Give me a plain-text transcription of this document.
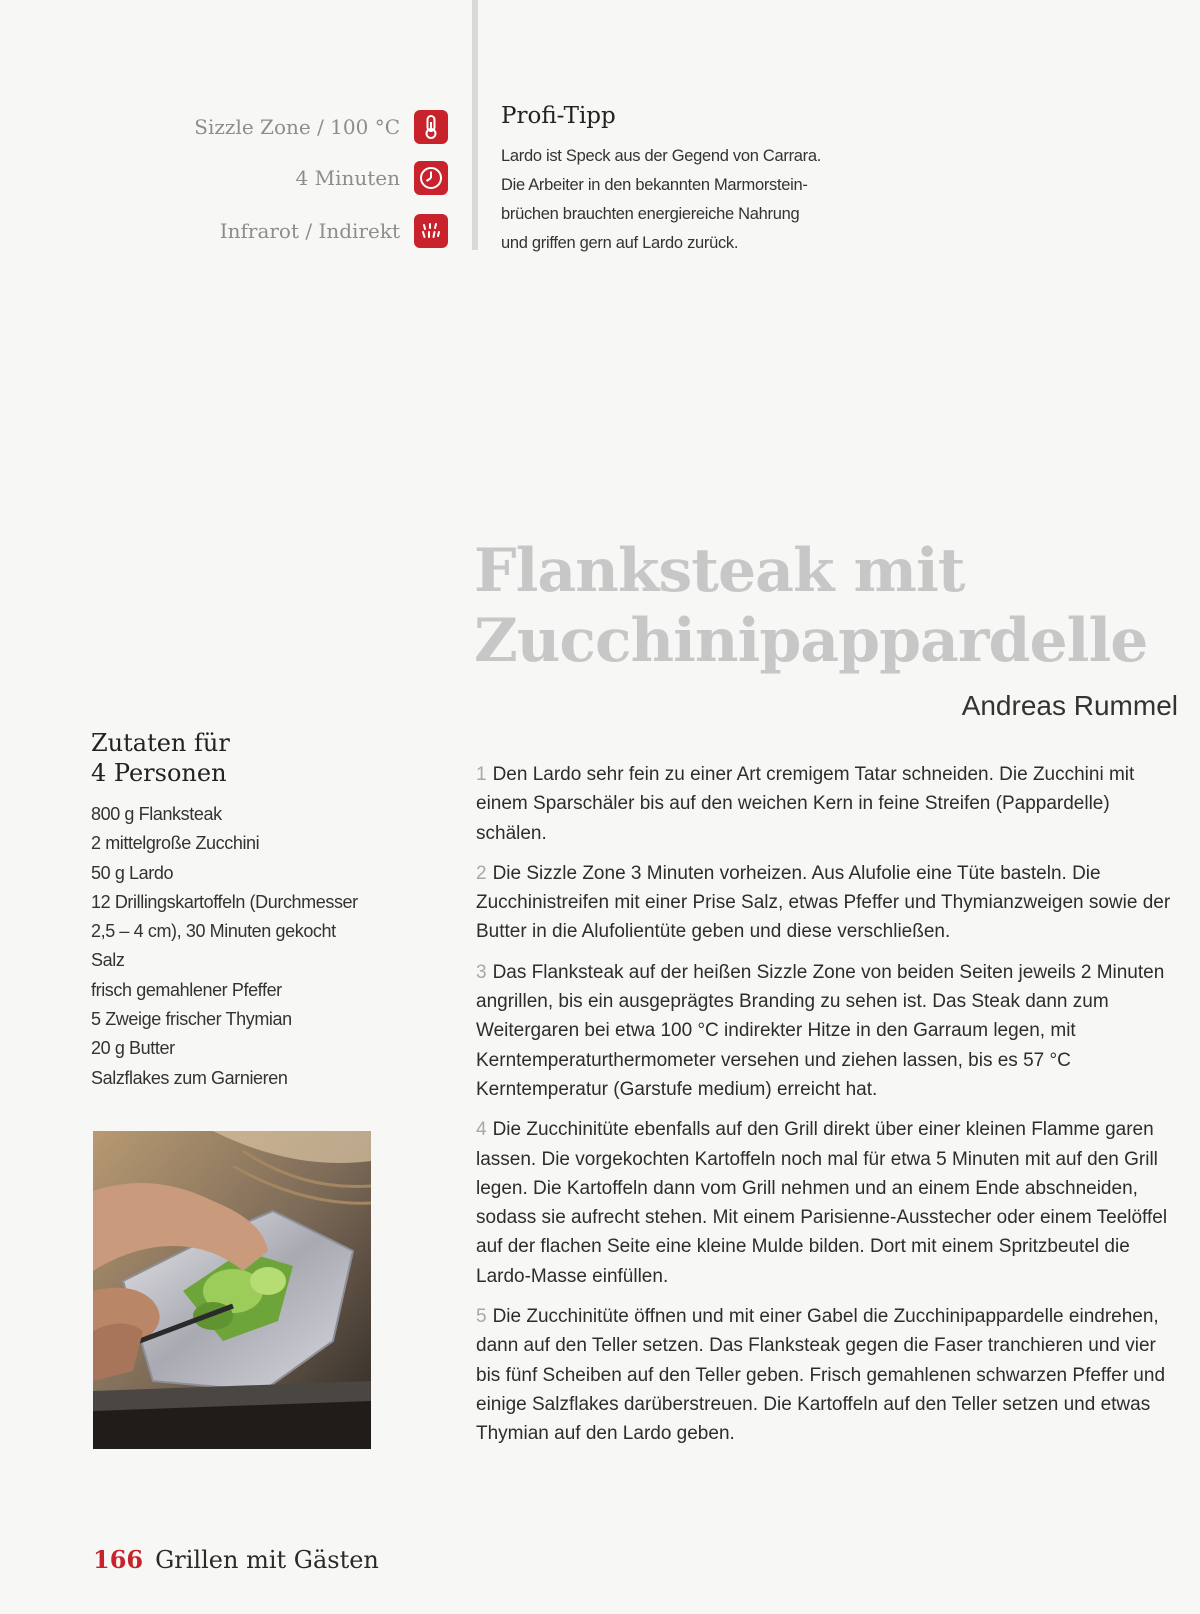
Sizzle Zone / 100 °C
4 Minuten
Infrarot / Indirekt
Profi-Tipp
Lardo ist Speck aus der Gegend von Carrara.
Die Arbeiter in den bekannten Marmorstein-
brüchen brauchten energiereiche Nahrung
und griffen gern auf Lardo zurück.
Flanksteak mit
Zucchinipappardelle
Andreas Rummel
Zutaten für
4 Personen
800 g Flanksteak
2 mittelgroße Zucchini
50 g Lardo
12 Drillingskartoffeln (Durchmesser
2,5 – 4 cm), 30 Minuten gekocht
Salz
frisch gemahlener Pfeffer
5 Zweige frischer Thymian
20 g Butter
Salzflakes zum Garnieren

1 Den Lardo sehr fein zu einer Art cremigem Tatar schneiden. Die Zucchini mit einem Sparschäler bis auf den weichen Kern in feine Streifen (Pappardelle) schälen.

2 Die Sizzle Zone 3 Minuten vorheizen. Aus Alufolie eine Tüte basteln. Die Zucchinistreifen mit einer Prise Salz, etwas Pfeffer und Thymianzweigen sowie der Butter in die Alufolientüte geben und diese verschließen.

3 Das Flanksteak auf der heißen Sizzle Zone von beiden Seiten jeweils 2 Minuten angrillen, bis ein ausgeprägtes Branding zu sehen ist. Das Steak dann zum Weitergaren bei etwa 100 °C indirekter Hitze in den Garraum legen, mit Kerntemperaturthermometer versehen und ziehen lassen, bis es 57 °C Kerntemperatur (Garstufe medium) erreicht hat.

4 Die Zucchinitüte ebenfalls auf den Grill direkt über einer kleinen Flamme garen lassen. Die vorgekochten Kartoffeln noch mal für etwa 5 Minuten mit auf den Grill legen. Die Kartoffeln dann vom Grill nehmen und an einem Ende abschneiden, sodass sie aufrecht stehen. Mit einem Parisienne-Ausstecher oder einem Teelöffel auf der flachen Seite eine kleine Mulde bilden. Dort mit einem Spritzbeutel die Lardo-Masse einfüllen.

5 Die Zucchinitüte öffnen und mit einer Gabel die Zucchinipappardelle eindrehen, dann auf den Teller setzen. Das Flanksteak gegen die Faser tranchieren und vier bis fünf Scheiben auf den Teller geben. Frisch gemahlenen schwarzen Pfeffer und einige Salzflakes darüberstreuen. Die Kartoffeln auf den Teller setzen und etwas Thymian auf den Lardo geben.

166 Grillen mit Gästen
